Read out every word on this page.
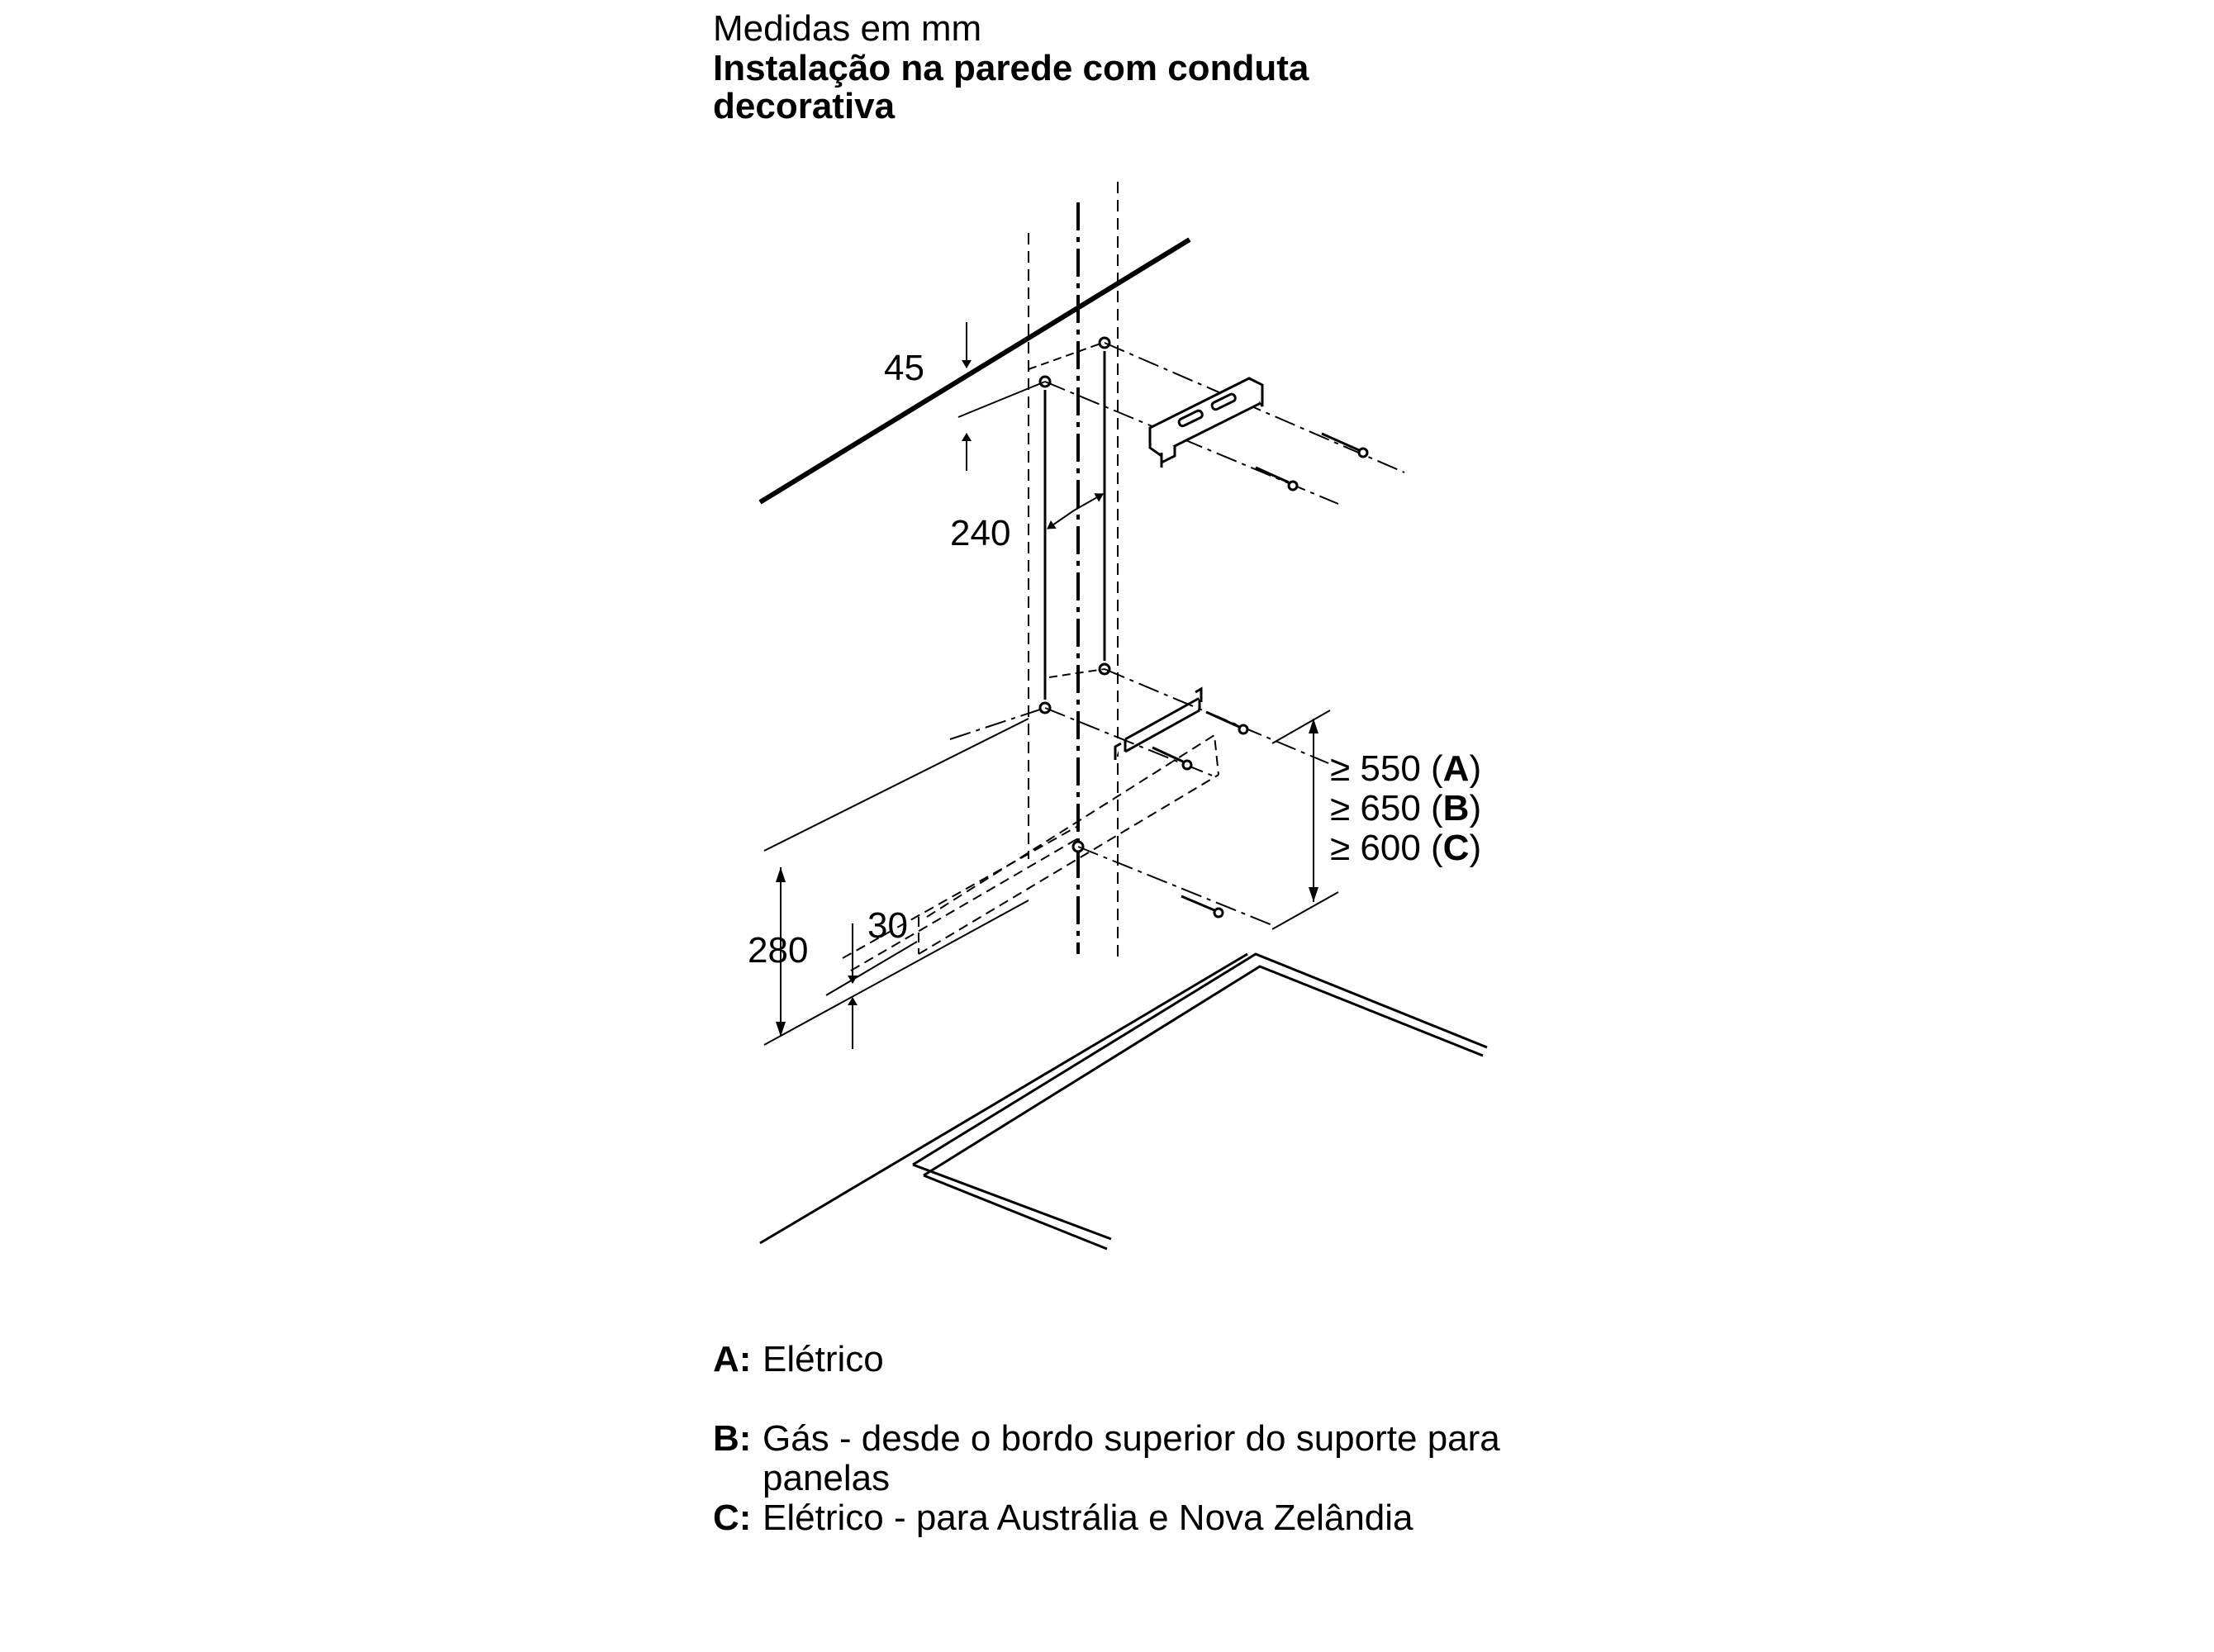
Medidas em mm
Instalação na parede com conduta
decorativa
45
240
280
30
≥ 550 (A)
≥ 650 (B)
≥ 600 (C)
A: Elétrico
B: Gás - desde o bordo superior do suporte para panelas
C: Elétrico - para Austrália e Nova Zelândia
